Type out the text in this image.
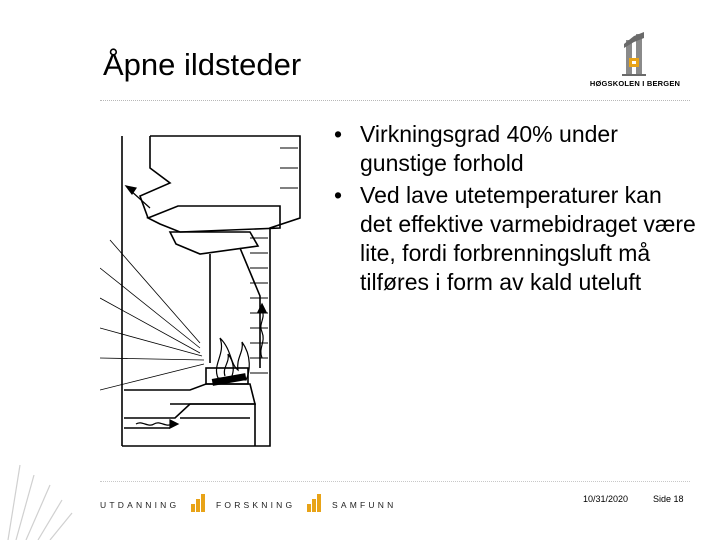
Åpne ildsteder
HØGSKOLEN I BERGEN
• Virkningsgrad 40% under gunstige forhold
• Ved lave utetemperaturer kan det effektive varmebidraget være lite, fordi forbrenningsluft må tilføres i form av kald uteluft
UTDANNING	FORSKNING	SAMFUNN
10/31/2020	Side 18
